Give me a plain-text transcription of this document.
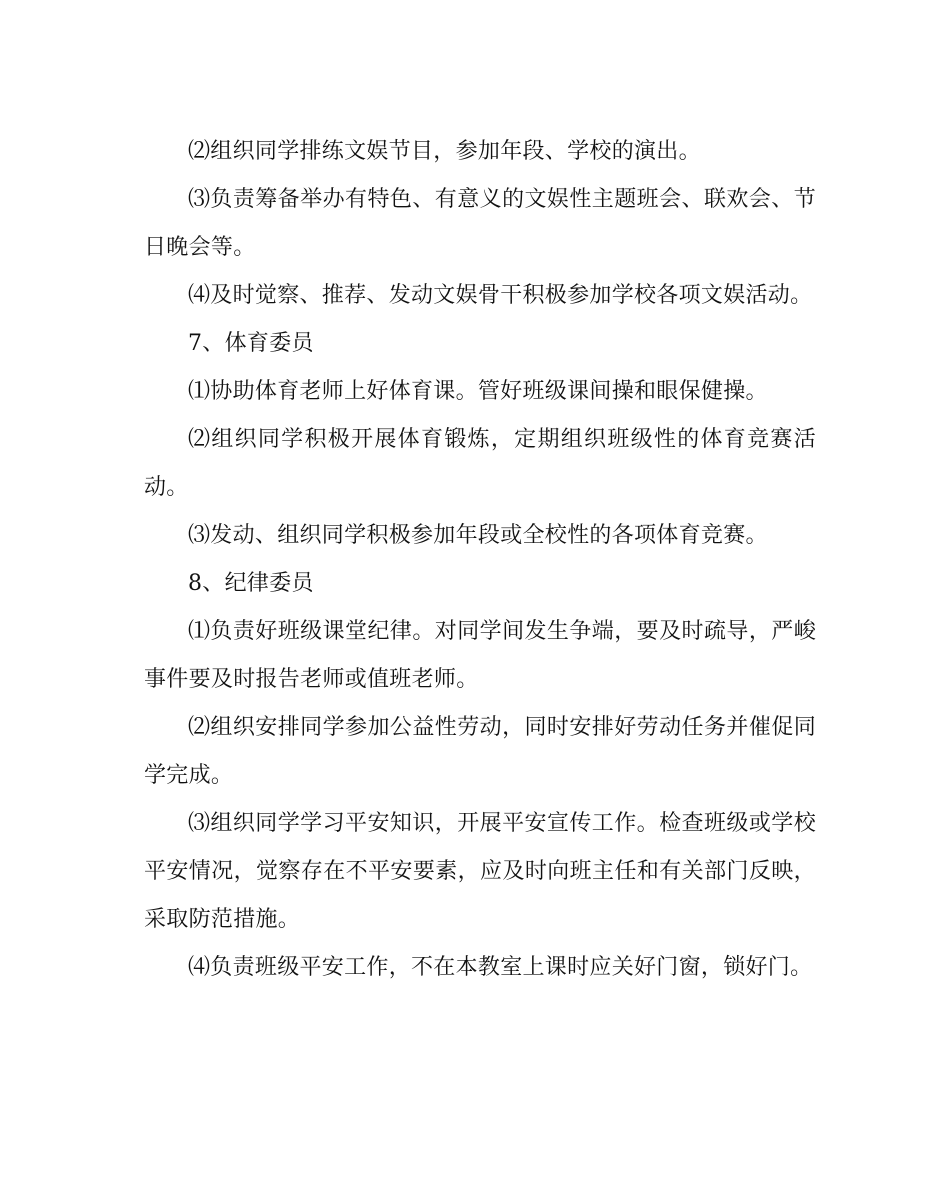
⑵组织同学排练文娱节目，参加年段、学校的演出。

⑶负责筹备举办有特色、有意义的文娱性主题班会、联欢会、节日晚会等。

⑷及时觉察、推荐、发动文娱骨干积极参加学校各项文娱活动。

7、体育委员

⑴协助体育老师上好体育课。管好班级课间操和眼保健操。

⑵组织同学积极开展体育锻炼，定期组织班级性的体育竞赛活动。

⑶发动、组织同学积极参加年段或全校性的各项体育竞赛。

8、纪律委员

⑴负责好班级课堂纪律。对同学间发生争端，要及时疏导，严峻事件要及时报告老师或值班老师。

⑵组织安排同学参加公益性劳动，同时安排好劳动任务并催促同学完成。

⑶组织同学学习平安知识，开展平安宣传工作。检查班级或学校平安情况，觉察存在不平安要素，应及时向班主任和有关部门反映，采取防范措施。

⑷负责班级平安工作，不在本教室上课时应关好门窗，锁好门。
